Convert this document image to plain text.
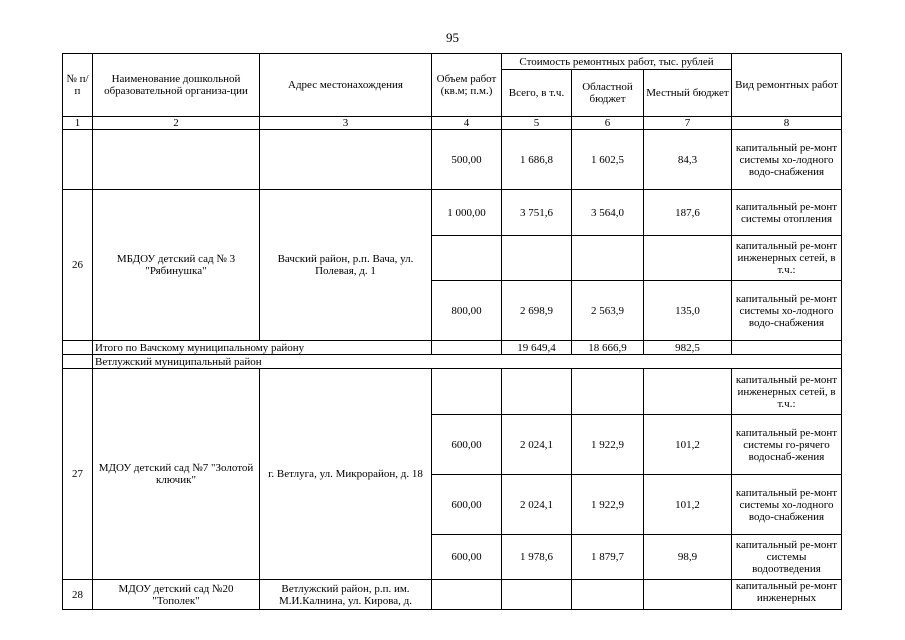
95
№ п/п	Наименование дошкольной образовательной организа-ции	Адрес местонахождения	Объем работ (кв.м; п.м.)	Стоимость ремонтных работ, тыс. рублей			Вид ремонтных работ
				Всего, в т.ч.	Областной бюджет	Местный бюджет	
1	2	3	4	5	6	7	8
			500,00	1 686,8	1 602,5	84,3	капитальный ре-монт системы хо-лодного водо-снабжения
26	МБДОУ детский сад № 3 "Рябинушка"	Вачский район, р.п. Вача, ул. Полевая, д. 1	1 000,00	3 751,6	3 564,0	187,6	капитальный ре-монт системы отопления
							капитальный ре-монт инженерных сетей, в т.ч.:
			800,00	2 698,9	2 563,9	135,0	капитальный ре-монт системы хо-лодного водо-снабжения
	Итого по Вачскому муниципальному району			19 649,4	18 666,9	982,5	
	Ветлужский муниципальный район						
27	МДОУ детский сад №7 "Золотой ключик"	г. Ветлуга, ул. Микрорайон, д. 18					капитальный ре-монт инженерных сетей, в т.ч.:
			600,00	2 024,1	1 922,9	101,2	капитальный ре-монт системы го-рячего водоснаб-жения
			600,00	2 024,1	1 922,9	101,2	капитальный ре-монт системы хо-лодного водо-снабжения
			600,00	1 978,6	1 879,7	98,9	капитальный ре-монт системы водоотведения
28	МДОУ детский сад №20 "Тополек"	Ветлужский район, р.п. им. М.И.Калнина, ул. Кирова, д.					капитальный ре-монт инженерных
